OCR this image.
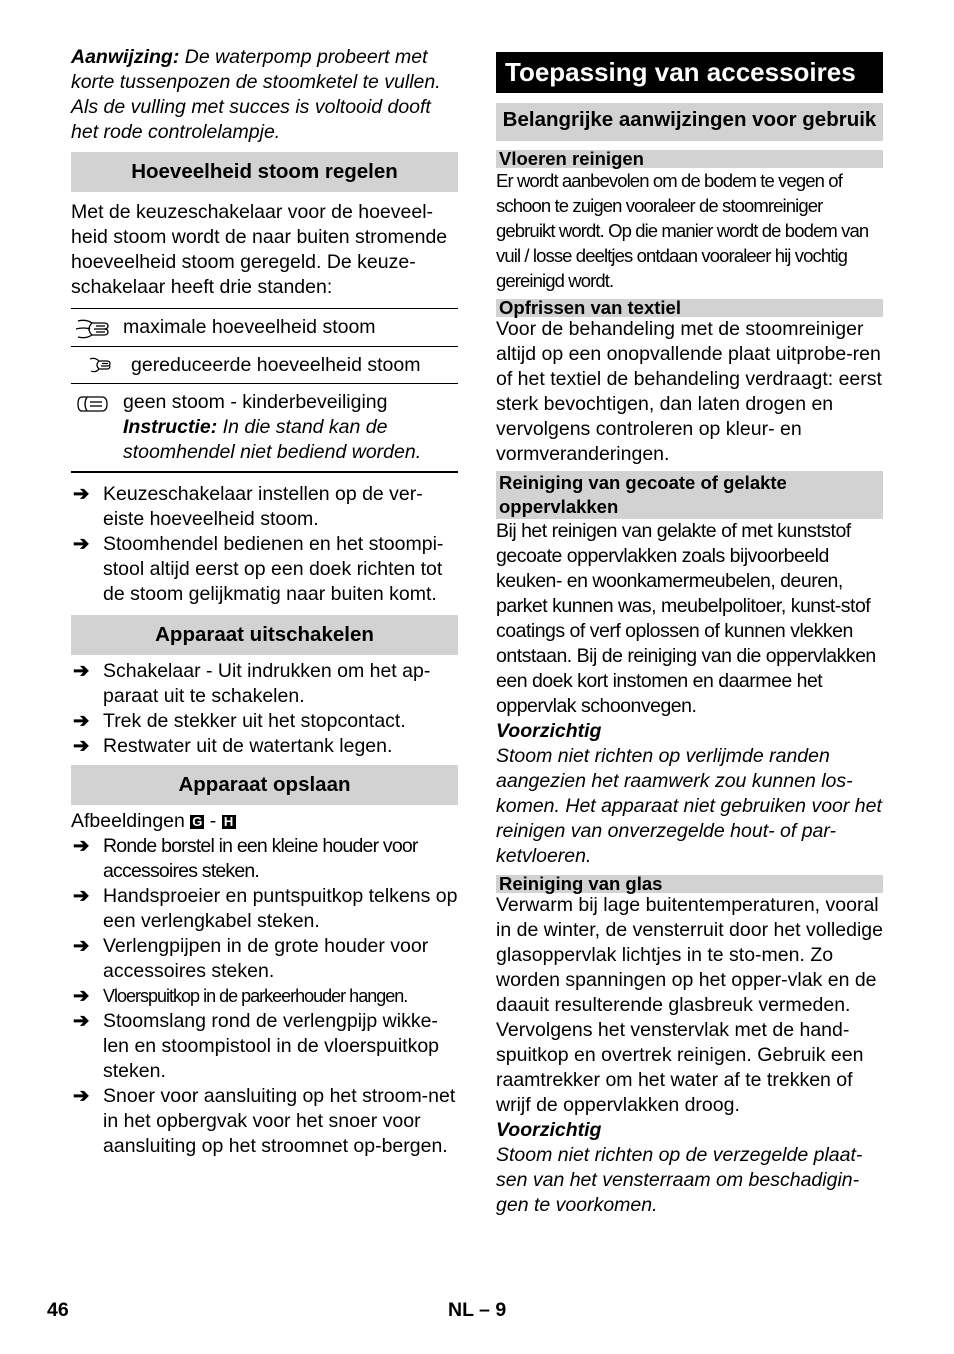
Aanwijzing: De waterpomp probeert met korte tussenpozen de stoomketel te vullen. Als de vulling met succes is voltooid dooft het rode controlelampje.

Hoeveelheid stoom regelen

Met de keuzeschakelaar voor de hoeveel-heid stoom wordt de naar buiten stromende hoeveelheid stoom geregeld. De keuze-schakelaar heeft drie standen:

maximale hoeveelheid stoom
gereduceerde hoeveelheid stoom
geen stoom - kinderbeveiliging
Instructie: In die stand kan de stoomhendel niet bediend worden.
➔ Keuzeschakelaar instellen op de ver-eiste hoeveelheid stoom.
➔ Stoomhendel bedienen en het stoompi-stool altijd eerst op een doek richten tot de stoom gelijkmatig naar buiten komt.
Apparaat uitschakelen
➔ Schakelaar - Uit indrukken om het ap-paraat uit te schakelen.
➔ Trek de stekker uit het stopcontact.
➔ Restwater uit de watertank legen.
Apparaat opslaan

Afbeeldingen G - H

➔ Ronde borstel in een kleine houder voor accessoires steken.
➔ Handsproeier en puntspuitkop telkens op een verlengkabel steken.
➔ Verlengpijpen in de grote houder voor accessoires steken.
➔ Vloerspuitkop in de parkeerhouder hangen.
➔ Stoomslang rond de verlengpijp wikke-len en stoompistool in de vloerspuitkop steken.
➔ Snoer voor aansluiting op het stroom-net in het opbergvak voor het snoer voor aansluiting op het stroomnet op-bergen.
Toepassing van accessoires
Belangrijke aanwijzingen voor gebruik
Vloeren reinigen

Er wordt aanbevolen om de bodem te vegen of schoon te zuigen vooraleer de stoomreiniger gebruikt wordt. Op die manier wordt de bodem van vuil / losse deeltjes ontdaan vooraleer hij vochtig gereinigd wordt.

Opfrissen van textiel

Voor de behandeling met de stoomreiniger altijd op een onopvallende plaat uitprobe-ren of het textiel de behandeling verdraagt: eerst sterk bevochtigen, dan laten drogen en vervolgens controleren op kleur- en vormveranderingen.

Reiniging van gecoate of gelakte oppervlakken

Bij het reinigen van gelakte of met kunststof gecoate oppervlakken zoals bijvoorbeeld keuken- en woonkamermeubelen, deuren, parket kunnen was, meubelpolitoer, kunst-stof coatings of verf oplossen of kunnen vlekken ontstaan. Bij de reiniging van die oppervlakken een doek kort instomen en daarmee het oppervlak schoonvegen.

Voorzichtig

Stoom niet richten op verlijmde randen aangezien het raamwerk zou kunnen los-komen. Het apparaat niet gebruiken voor het reinigen van onverzegelde hout- of par-ketvloeren.

Reiniging van glas

Verwarm bij lage buitentemperaturen, vooral in de winter, de vensterruit door het volledige glasoppervlak lichtjes in te sto-men. Zo worden spanningen op het opper-vlak en de daauit resulterende glasbreuk vermeden.

Vervolgens het venstervlak met de hand-spuitkop en overtrek reinigen. Gebruik een raamtrekker om het water af te trekken of wrijf de oppervlakken droog.

Voorzichtig

Stoom niet richten op de verzegelde plaat-sen van het vensterraam om beschadigin-gen te voorkomen.

46	NL – 9
